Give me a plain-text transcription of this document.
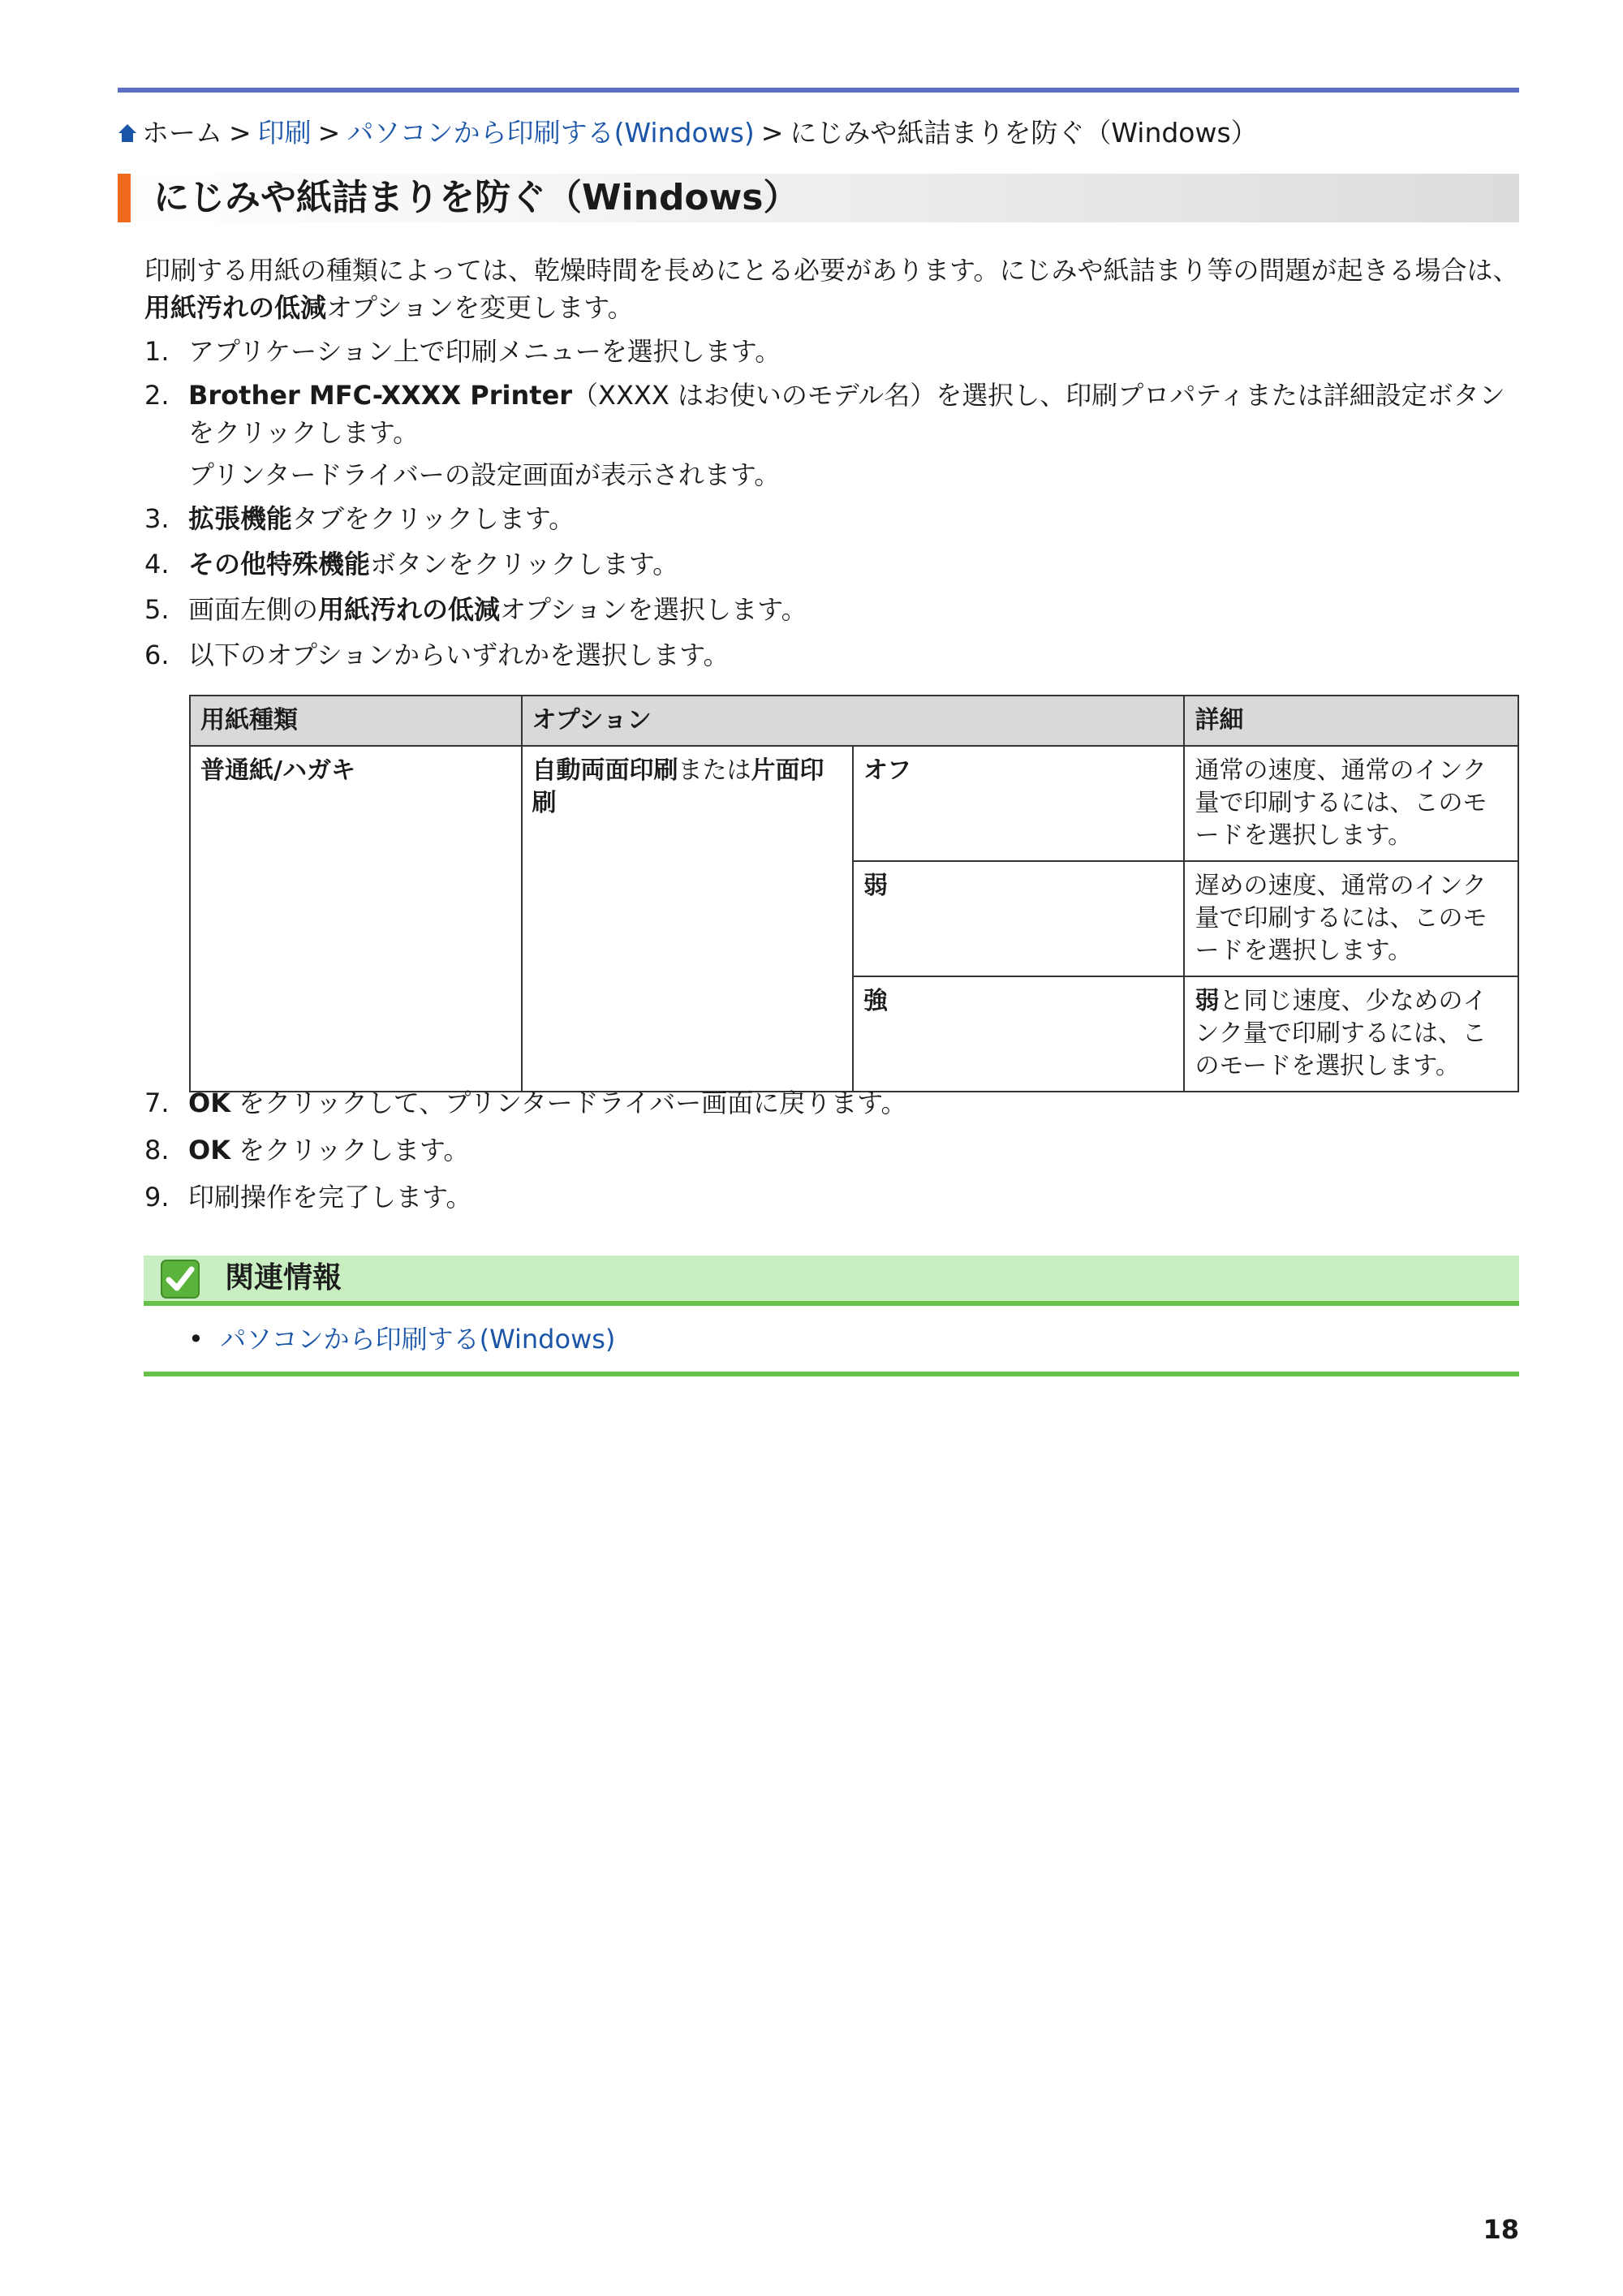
ホーム > 印刷 > パソコンから印刷する(Windows) > にじみや紙詰まりを防ぐ（Windows）
にじみや紙詰まりを防ぐ（Windows）
印刷する用紙の種類によっては、乾燥時間を長めにとる必要があります。にじみや紙詰まり等の問題が起きる場合は、用紙汚れの低減オプションを変更します。
1. アプリケーション上で印刷メニューを選択します。
2. Brother MFC-XXXX Printer（XXXX はお使いのモデル名）を選択し、印刷プロパティまたは詳細設定ボタンをクリックします。
プリンタードライバーの設定画面が表示されます。
3. 拡張機能タブをクリックします。
4. その他特殊機能ボタンをクリックします。
5. 画面左側の用紙汚れの低減オプションを選択します。
6. 以下のオプションからいずれかを選択します。
用紙種類	オプション		詳細
普通紙/ハガキ	自動両面印刷または片面印刷	オフ	通常の速度、通常のインク量で印刷するには、このモードを選択します。
		弱	遅めの速度、通常のインク量で印刷するには、このモードを選択します。
		強	弱と同じ速度、少なめのインク量で印刷するには、このモードを選択します。
7. OK をクリックして、プリンタードライバー画面に戻ります。
8. OK をクリックします。
9. 印刷操作を完了します。
関連情報
• パソコンから印刷する(Windows)
18
